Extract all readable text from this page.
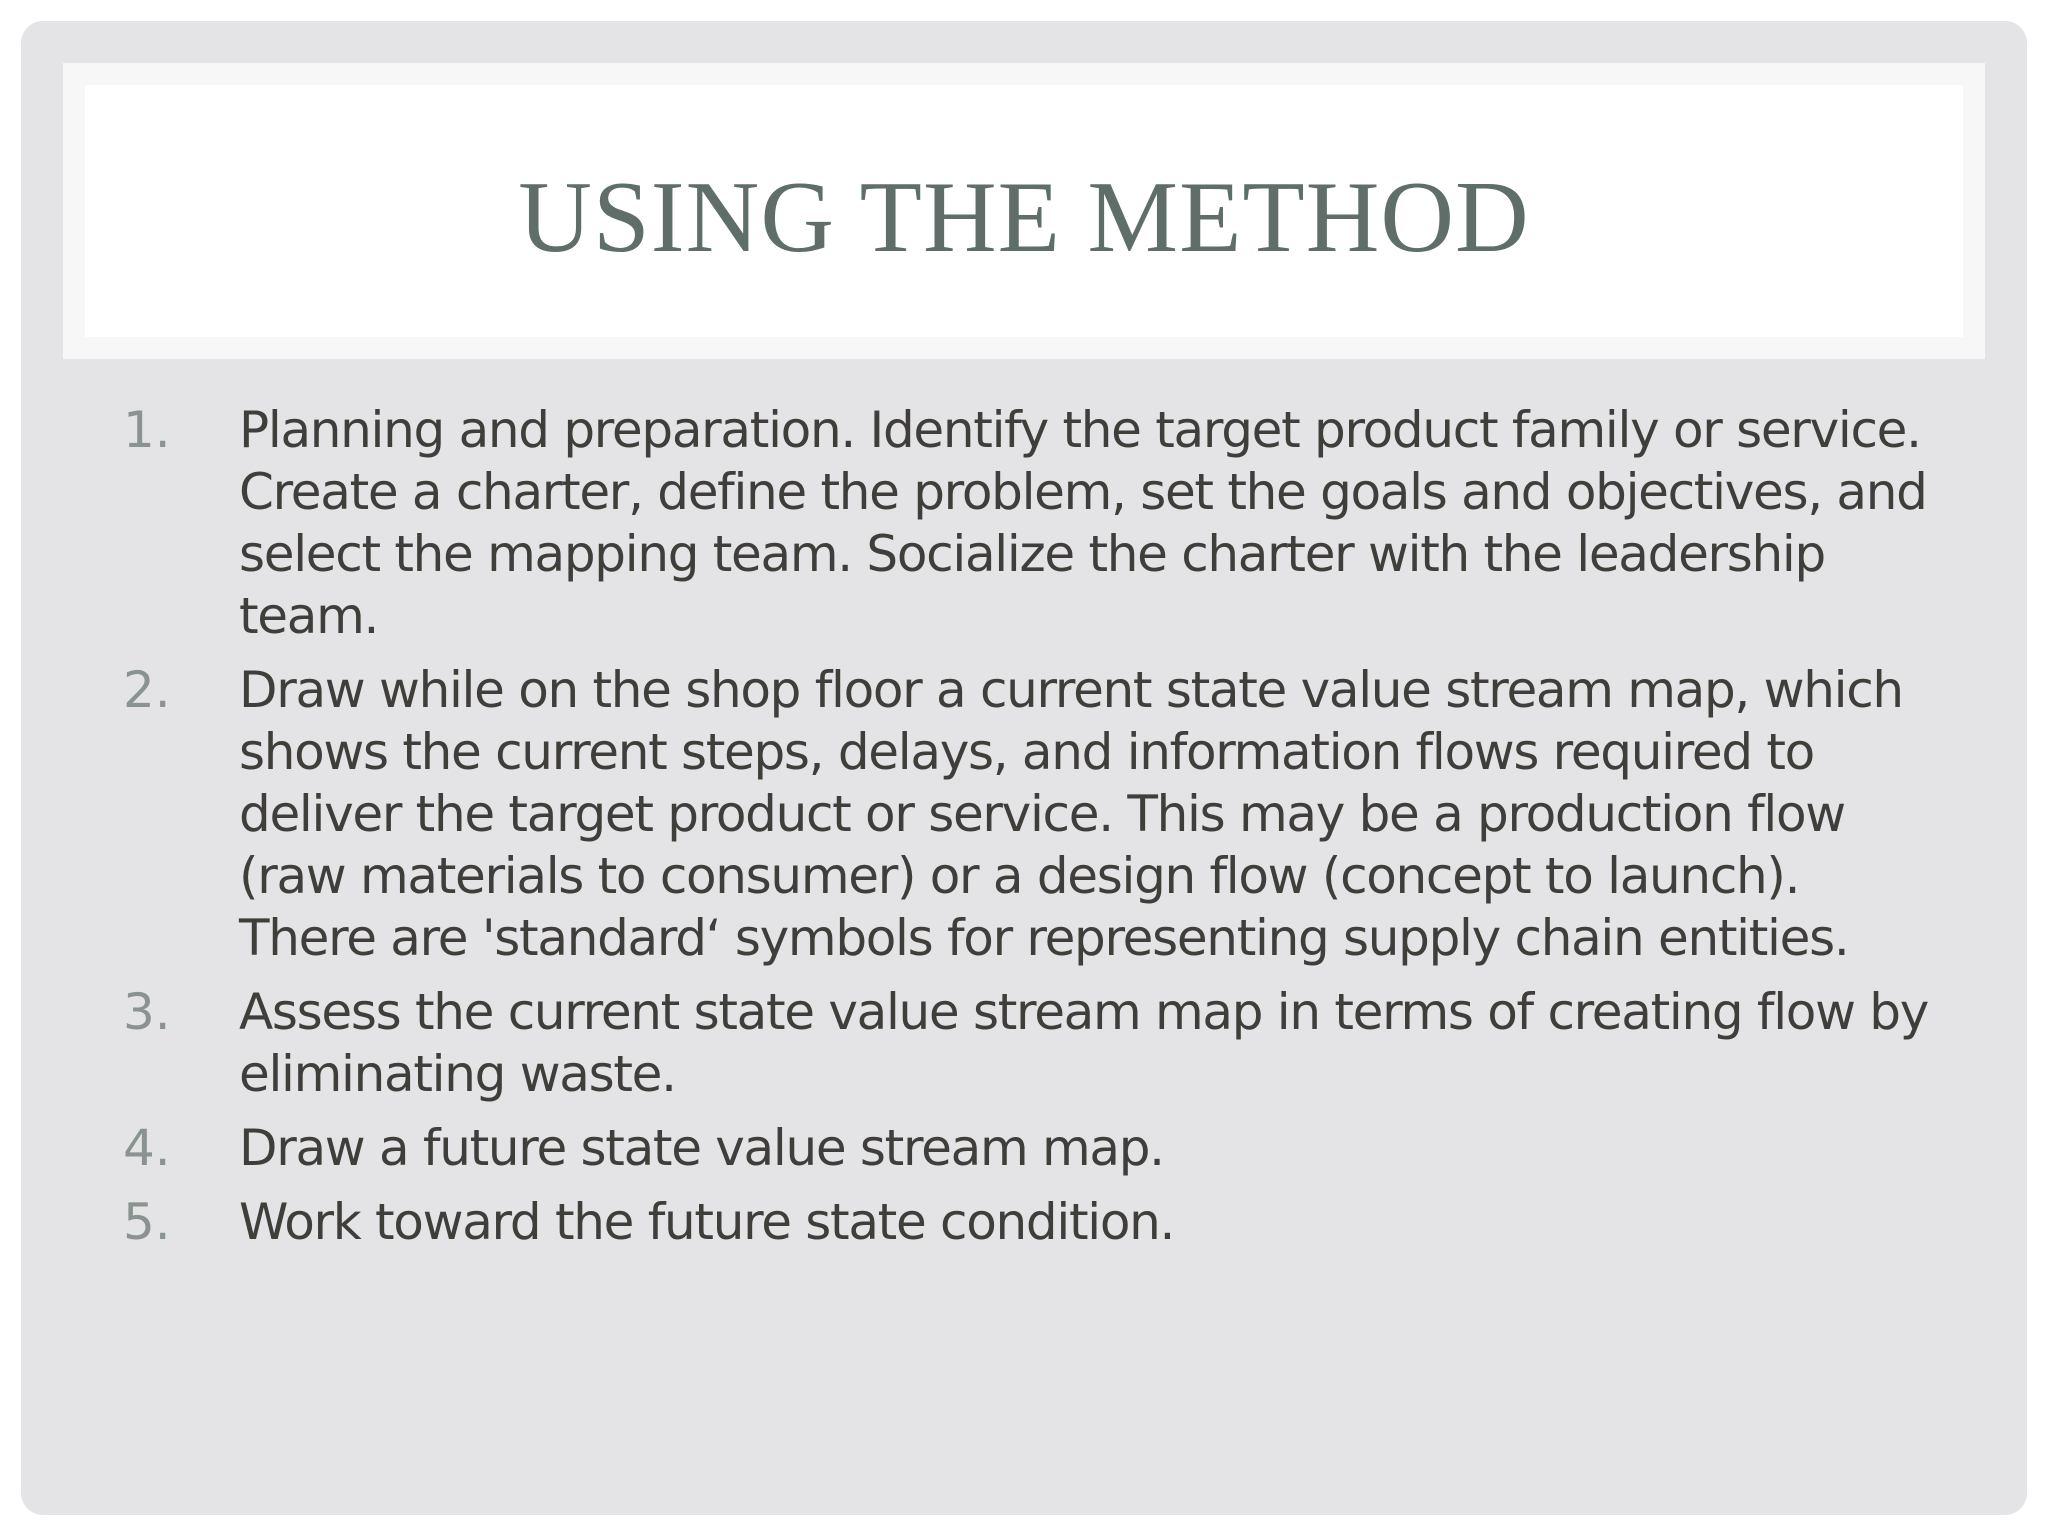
USING THE METHOD
1. Planning and preparation. Identify the target product family or service. Create a charter, define the problem, set the goals and objectives, and select the mapping team. Socialize the charter with the leadership team.
2. Draw while on the shop floor a current state value stream map, which shows the current steps, delays, and information flows required to deliver the target product or service. This may be a production flow (raw materials to consumer) or a design flow (concept to launch). There are 'standard‘ symbols for representing supply chain entities.
3. Assess the current state value stream map in terms of creating flow by eliminating waste.
4. Draw a future state value stream map.
5. Work toward the future state condition.
